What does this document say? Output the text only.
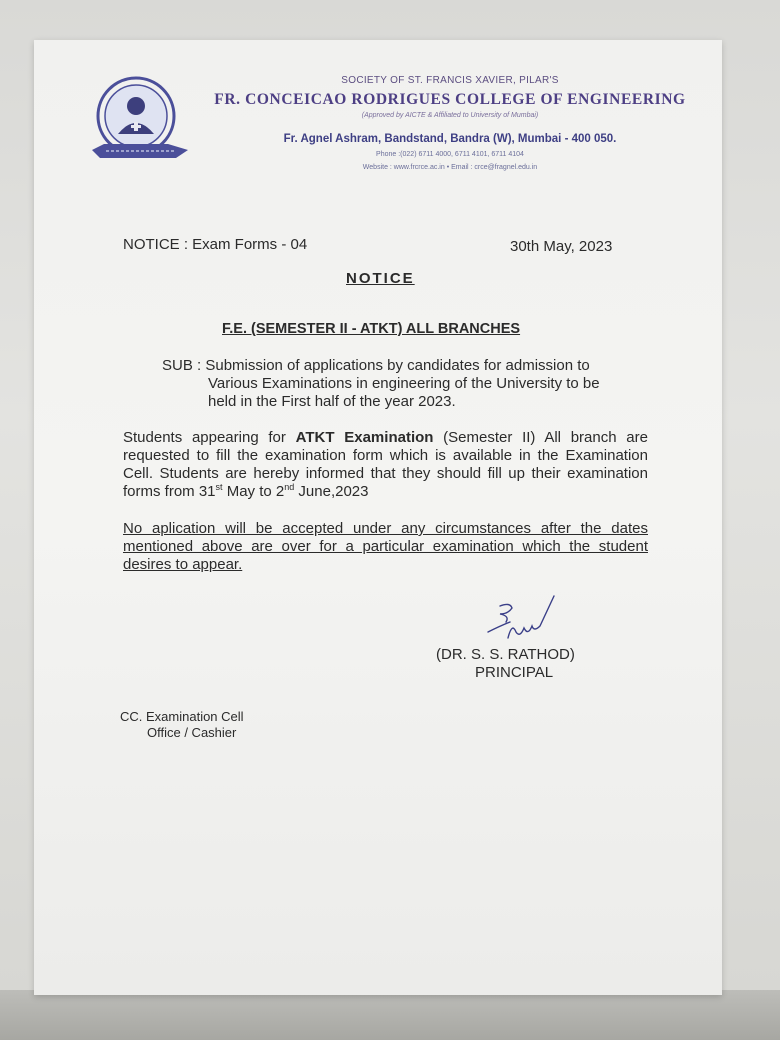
SOCIETY OF ST. FRANCIS XAVIER, PILAR'S
FR. CONCEICAO RODRIGUES COLLEGE OF ENGINEERING
(Approved by AICTE & Affiliated to University of Mumbai)
Fr. Agnel Ashram, Bandstand, Bandra (W), Mumbai - 400 050.
Phone :(022) 6711 4000, 6711 4101, 6711 4104
Website : www.frcrce.ac.in • Email : crce@fragnel.edu.in
NOTICE : Exam Forms - 04	30th May, 2023
NOTICE
F.E. (SEMESTER II - ATKT) ALL BRANCHES
SUB : Submission of applications by candidates for admission to
Various Examinations in engineering of the University to be
held in the First half of the year 2023.
Students appearing for ATKT Examination (Semester II) All branch are requested to fill the examination form which is available in the Examination Cell. Students are hereby informed that they should fill up their examination forms from 31st May to 2nd June,2023
No aplication will be accepted under any circumstances after the dates mentioned above are over for a particular examination which the student desires to appear.
(DR. S. S. RATHOD)
PRINCIPAL
CC. Examination Cell
Office / Cashier
